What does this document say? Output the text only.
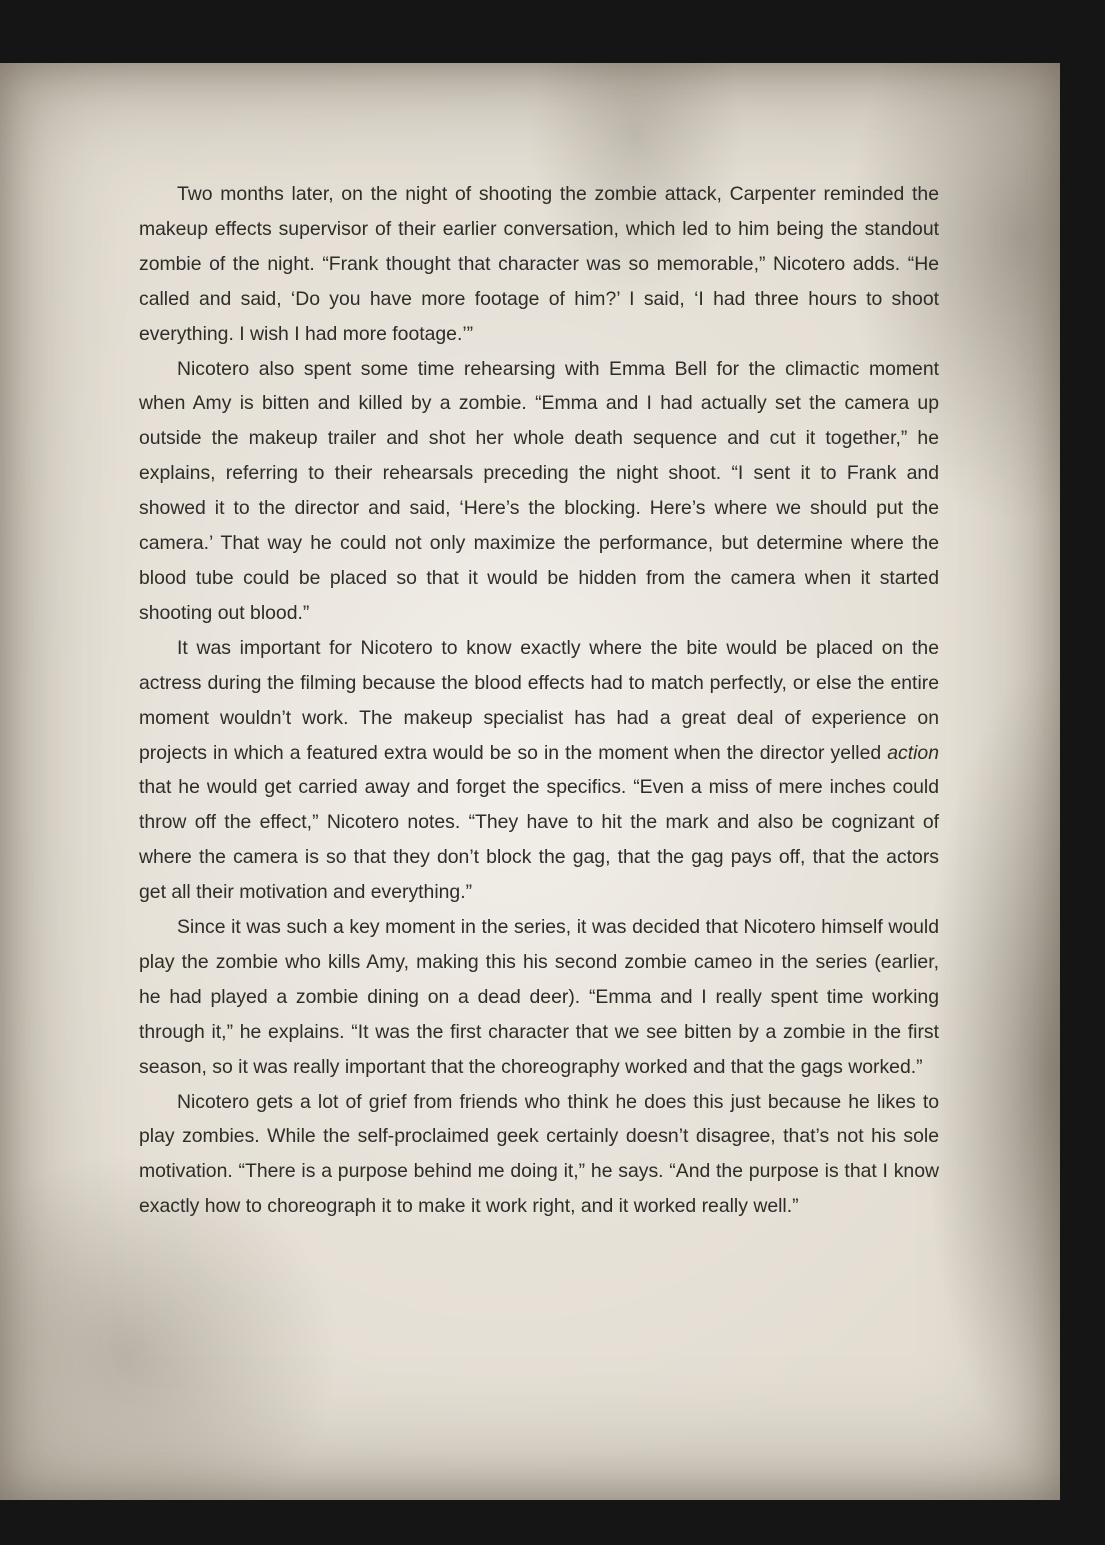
Two months later, on the night of shooting the zombie attack, Carpenter reminded the makeup effects supervisor of their earlier conversation, which led to him being the standout zombie of the night. “Frank thought that character was so memorable,” Nicotero adds. “He called and said, ‘Do you have more footage of him?’ I said, ‘I had three hours to shoot everything. I wish I had more footage.’”

Nicotero also spent some time rehearsing with Emma Bell for the climactic moment when Amy is bitten and killed by a zombie. “Emma and I had actually set the camera up outside the makeup trailer and shot her whole death sequence and cut it together,” he explains, referring to their rehearsals preceding the night shoot. “I sent it to Frank and showed it to the director and said, ‘Here’s the blocking. Here’s where we should put the camera.’ That way he could not only maximize the performance, but determine where the blood tube could be placed so that it would be hidden from the camera when it started shooting out blood.”

It was important for Nicotero to know exactly where the bite would be placed on the actress during the filming because the blood effects had to match perfectly, or else the entire moment wouldn’t work. The makeup specialist has had a great deal of experience on projects in which a featured extra would be so in the moment when the director yelled action that he would get carried away and forget the specifics. “Even a miss of mere inches could throw off the effect,” Nicotero notes. “They have to hit the mark and also be cognizant of where the camera is so that they don’t block the gag, that the gag pays off, that the actors get all their motivation and everything.”

Since it was such a key moment in the series, it was decided that Nicotero himself would play the zombie who kills Amy, making this his second zombie cameo in the series (earlier, he had played a zombie dining on a dead deer). “Emma and I really spent time working through it,” he explains. “It was the first character that we see bitten by a zombie in the first season, so it was really important that the choreography worked and that the gags worked.”

Nicotero gets a lot of grief from friends who think he does this just because he likes to play zombies. While the self-proclaimed geek certainly doesn’t disagree, that’s not his sole motivation. “There is a purpose behind me doing it,” he says. “And the purpose is that I know exactly how to choreograph it to make it work right, and it worked really well.”
